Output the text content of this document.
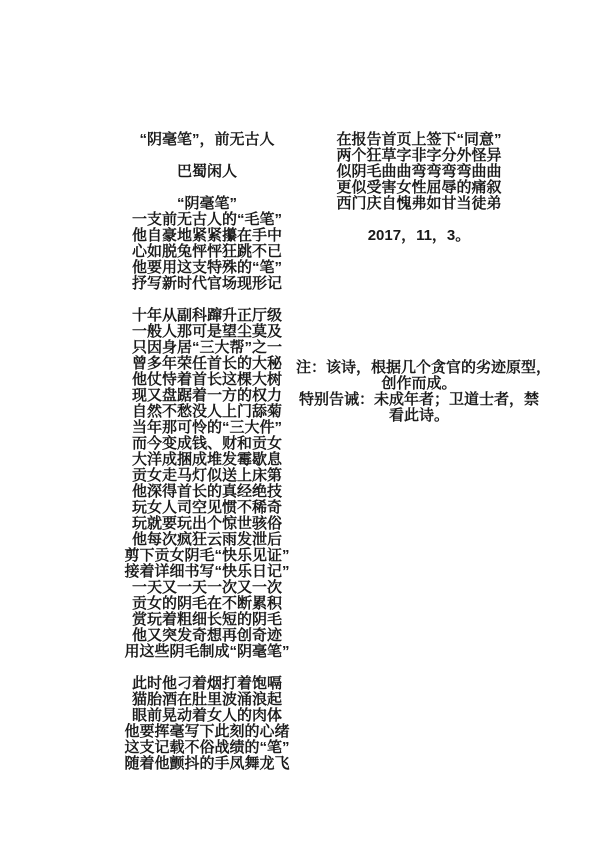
“阴毫笔”，前无古人
巴蜀闲人
“阴毫笔”
一支前无古人的“毛笔”
他自豪地紧紧攥在手中
心如脱兔怦怦狂跳不已
他要用这支特殊的“笔”
抒写新时代官场现形记
十年从副科蹿升正厅级
一般人那可是望尘莫及
只因身居“三大帮”之一
曾多年荣任首长的大秘
他仗恃着首长这棵大树
现又盘踞着一方的权力
自然不愁没人上门舔菊
当年那可怜的“三大件”
而今变成钱、财和贡女
大洋成捆成堆发霉歇息
贡女走马灯似送上床第
他深得首长的真经绝技
玩女人司空见惯不稀奇
玩就要玩出个惊世骇俗
他每次疯狂云雨发泄后
剪下贡女阴毛“快乐见证”
接着详细书写“快乐日记”
一天又一天一次又一次
贡女的阴毛在不断累积
赏玩着粗细长短的阴毛
他又突发奇想再创奇迹
用这些阴毛制成“阴毫笔”
此时他刁着烟打着饱嗝
猫胎酒在肚里波涌浪起
眼前晃动着女人的肉体
他要挥毫写下此刻的心绪
这支记载不俗战绩的“笔”
随着他颤抖的手凤舞龙飞
在报告首页上签下“同意”
两个狂草字非字分外怪异
似阴毛曲曲弯弯弯弯曲曲
更似受害女性屈辱的痛叙
西门庆自愧弗如甘当徒弟
2017，11，3。
注：该诗，根据几个贪官的劣迹原型，
创作而成。
特别告诫：未成年者；卫道士者，禁
看此诗。
